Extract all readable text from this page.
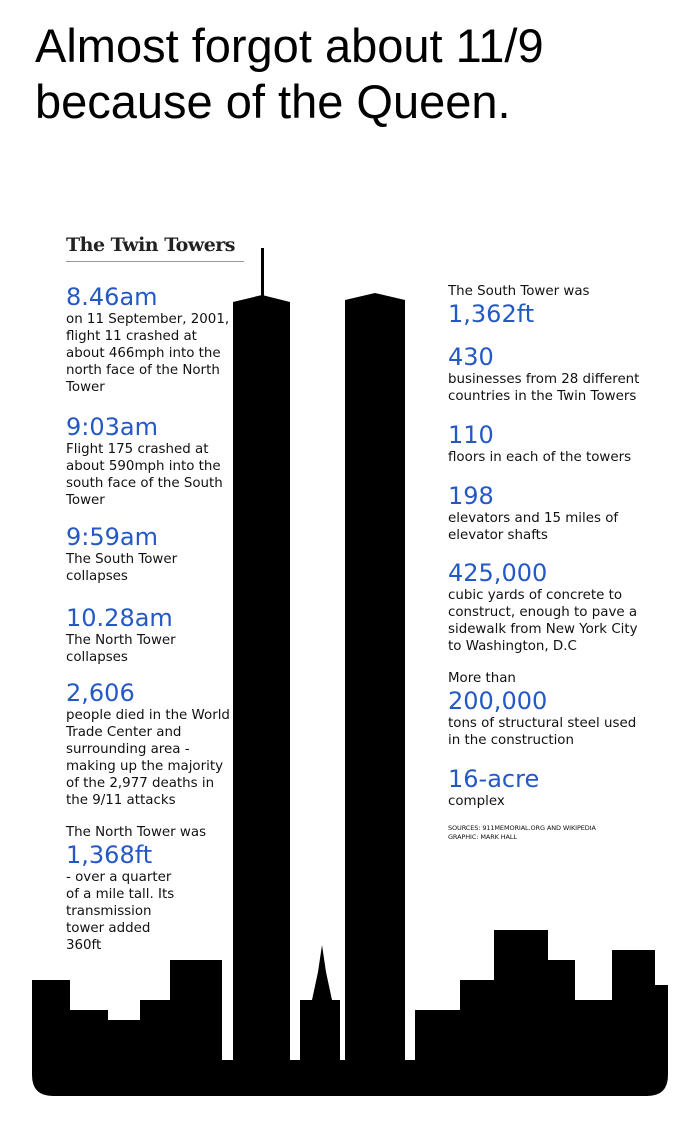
Almost forgot about 11/9 because of the Queen.
The Twin Towers
8.46am
on 11 September, 2001, flight 11 crashed at about 466mph into the north face of the North Tower
9:03am
Flight 175 crashed at about 590mph into the south face of the South Tower
9:59am
The South Tower collapses
10.28am
The North Tower collapses
2,606
people died in the World Trade Center and surrounding area - making up the majority of the 2,977 deaths in the 9/11 attacks
The North Tower was
1,368ft
- over a quarter of a mile tall. Its transmission tower added 360ft
The South Tower was
1,362ft
430
businesses from 28 different countries in the Twin Towers
110
floors in each of the towers
198
elevators and 15 miles of elevator shafts
425,000
cubic yards of concrete to construct, enough to pave a sidewalk from New York City to Washington, D.C
More than
200,000
tons of structural steel used in the construction
16-acre
complex
SOURCES: 911MEMORIAL.ORG AND WIKIPEDIA
GRAPHIC: MARK HALL
